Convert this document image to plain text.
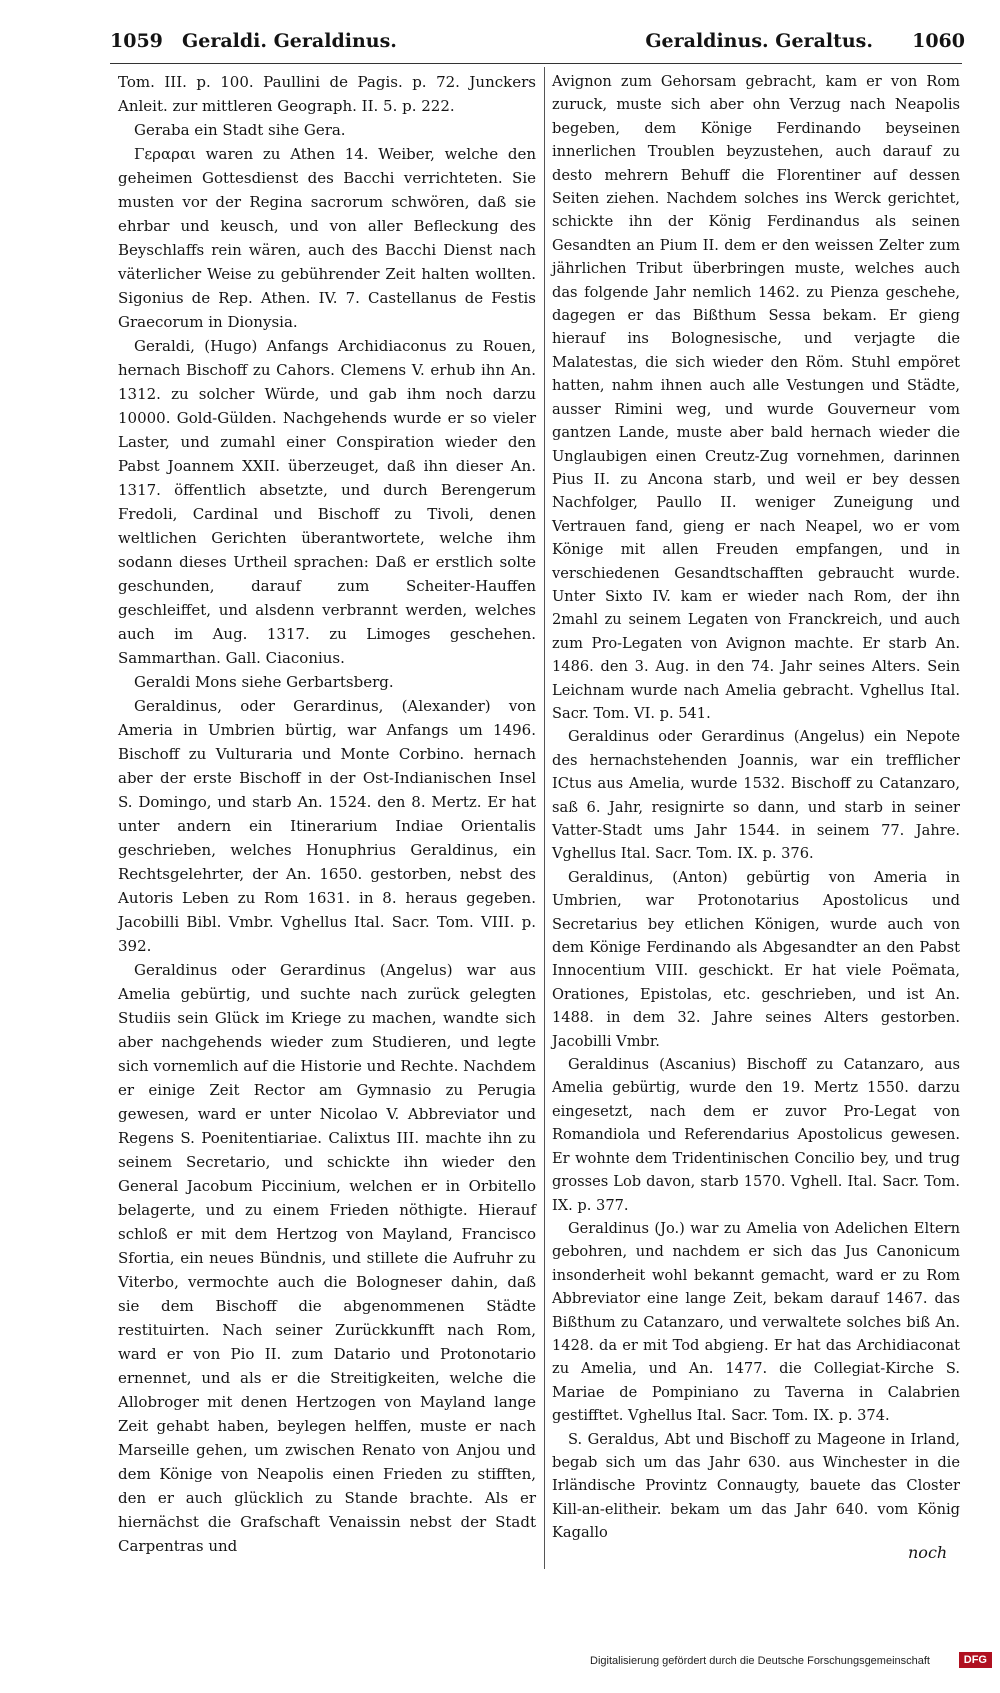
1059 Geraldi. Geraldinus.	Geraldinus. Geraltus. 1060

Tom. III. p. 100. Paullini de Pagis. p. 72. Junckers Anleit. zur mittleren Geograph. II. 5. p. 222.

Geraba ein Stadt sihe Gera.

Γεραραι waren zu Athen 14. Weiber, welche den geheimen Gottesdienst des Bacchi verrichteten. Sie musten vor der Regina sacrorum schwören, daß sie ehrbar und keusch, und von aller Befleckung des Beyschlaffs rein wären, auch des Bacchi Dienst nach väterlicher Weise zu gebührender Zeit halten wollten. Sigonius de Rep. Athen. IV. 7. Castellanus de Festis Graecorum in Dionysia.

Geraldi, (Hugo) Anfangs Archidiaconus zu Rouen, hernach Bischoff zu Cahors. Clemens V. erhub ihn An. 1312. zu solcher Würde, und gab ihm noch darzu 10000. Gold-Gülden. Nachgehends wurde er so vieler Laster, und zumahl einer Conspiration wieder den Pabst Joannem XXII. überzeuget, daß ihn dieser An. 1317. öffentlich absetzte, und durch Berengerum Fredoli, Cardinal und Bischoff zu Tivoli, denen weltlichen Gerichten überantwortete, welche ihm sodann dieses Urtheil sprachen: Daß er erstlich solte geschunden, darauf zum Scheiter-Hauffen geschleiffet, und alsdenn verbrannt werden, welches auch im Aug. 1317. zu Limoges geschehen. Sammarthan. Gall. Ciaconius.

Geraldi Mons siehe Gerbartsberg.

Geraldinus, oder Gerardinus, (Alexander) von Ameria in Umbrien bürtig, war Anfangs um 1496. Bischoff zu Vulturaria und Monte Corbino. hernach aber der erste Bischoff in der Ost-Indianischen Insel S. Domingo, und starb An. 1524. den 8. Mertz. Er hat unter andern ein Itinerarium Indiae Orientalis geschrieben, welches Honuphrius Geraldinus, ein Rechtsgelehrter, der An. 1650. gestorben, nebst des Autoris Leben zu Rom 1631. in 8. heraus gegeben. Jacobilli Bibl. Vmbr. Vghellus Ital. Sacr. Tom. VIII. p. 392.

Geraldinus oder Gerardinus (Angelus) war aus Amelia gebürtig, und suchte nach zurück gelegten Studiis sein Glück im Kriege zu machen, wandte sich aber nachgehends wieder zum Studieren, und legte sich vornemlich auf die Historie und Rechte. Nachdem er einige Zeit Rector am Gymnasio zu Perugia gewesen, ward er unter Nicolao V. Abbreviator und Regens S. Poenitentiariae. Calixtus III. machte ihn zu seinem Secretario, und schickte ihn wieder den General Jacobum Piccinium, welchen er in Orbitello belagerte, und zu einem Frieden nöthigte. Hierauf schloß er mit dem Hertzog von Mayland, Francisco Sfortia, ein neues Bündnis, und stillete die Aufruhr zu Viterbo, vermochte auch die Bologneser dahin, daß sie dem Bischoff die abgenommenen Städte restituirten. Nach seiner Zurückkunfft nach Rom, ward er von Pio II. zum Datario und Protonotario ernennet, und als er die Streitigkeiten, welche die Allobroger mit denen Hertzogen von Mayland lange Zeit gehabt haben, beylegen helffen, muste er nach Marseille gehen, um zwischen Renato von Anjou und dem Könige von Neapolis einen Frieden zu stifften, den er auch glücklich zu Stande brachte. Als er hiernächst die Grafschaft Venaissin nebst der Stadt Carpentras und

Avignon zum Gehorsam gebracht, kam er von Rom zuruck, muste sich aber ohn Verzug nach Neapolis begeben, dem Könige Ferdinando beyseinen innerlichen Troublen beyzustehen, auch darauf zu desto mehrern Behuff die Florentiner auf dessen Seiten ziehen. Nachdem solches ins Werck gerichtet, schickte ihn der König Ferdinandus als seinen Gesandten an Pium II. dem er den weissen Zelter zum jährlichen Tribut überbringen muste, welches auch das folgende Jahr nemlich 1462. zu Pienza geschehe, dagegen er das Bißthum Sessa bekam. Er gieng hierauf ins Bolognesische, und verjagte die Malatestas, die sich wieder den Röm. Stuhl empöret hatten, nahm ihnen auch alle Vestungen und Städte, ausser Rimini weg, und wurde Gouverneur vom gantzen Lande, muste aber bald hernach wieder die Unglaubigen einen Creutz-Zug vornehmen, darinnen Pius II. zu Ancona starb, und weil er bey dessen Nachfolger, Paullo II. weniger Zuneigung und Vertrauen fand, gieng er nach Neapel, wo er vom Könige mit allen Freuden empfangen, und in verschiedenen Gesandtschafften gebraucht wurde. Unter Sixto IV. kam er wieder nach Rom, der ihn 2mahl zu seinem Legaten von Franckreich, und auch zum Pro-Legaten von Avignon machte. Er starb An. 1486. den 3. Aug. in den 74. Jahr seines Alters. Sein Leichnam wurde nach Amelia gebracht. Vghellus Ital. Sacr. Tom. VI. p. 541.

Geraldinus oder Gerardinus (Angelus) ein Nepote des hernachstehenden Joannis, war ein trefflicher ICtus aus Amelia, wurde 1532. Bischoff zu Catanzaro, saß 6. Jahr, resignirte so dann, und starb in seiner Vatter-Stadt ums Jahr 1544. in seinem 77. Jahre. Vghellus Ital. Sacr. Tom. IX. p. 376.

Geraldinus, (Anton) gebürtig von Ameria in Umbrien, war Protonotarius Apostolicus und Secretarius bey etlichen Königen, wurde auch von dem Könige Ferdinando als Abgesandter an den Pabst Innocentium VIII. geschickt. Er hat viele Poëmata, Orationes, Epistolas, etc. geschrieben, und ist An. 1488. in dem 32. Jahre seines Alters gestorben. Jacobilli Vmbr.

Geraldinus (Ascanius) Bischoff zu Catanzaro, aus Amelia gebürtig, wurde den 19. Mertz 1550. darzu eingesetzt, nach dem er zuvor Pro-Legat von Romandiola und Referendarius Apostolicus gewesen. Er wohnte dem Tridentinischen Concilio bey, und trug grosses Lob davon, starb 1570. Vghell. Ital. Sacr. Tom. IX. p. 377.

Geraldinus (Jo.) war zu Amelia von Adelichen Eltern gebohren, und nachdem er sich das Jus Canonicum insonderheit wohl bekannt gemacht, ward er zu Rom Abbreviator eine lange Zeit, bekam darauf 1467. das Bißthum zu Catanzaro, und verwaltete solches biß An. 1428. da er mit Tod abgieng. Er hat das Archidiaconat zu Amelia, und An. 1477. die Collegiat-Kirche S. Mariae de Pompiniano zu Taverna in Calabrien gestifftet. Vghellus Ital. Sacr. Tom. IX. p. 374.

S. Geraldus, Abt und Bischoff zu Mageone in Irland, begab sich um das Jahr 630. aus Winchester in die Irländische Provintz Connaugty, bauete das Closter Kill-an-elitheir. bekam um das Jahr 640. vom König Kagallo

noch
Digitalisierung gefördert durch die Deutsche Forschungsgemeinschaft	DFG
